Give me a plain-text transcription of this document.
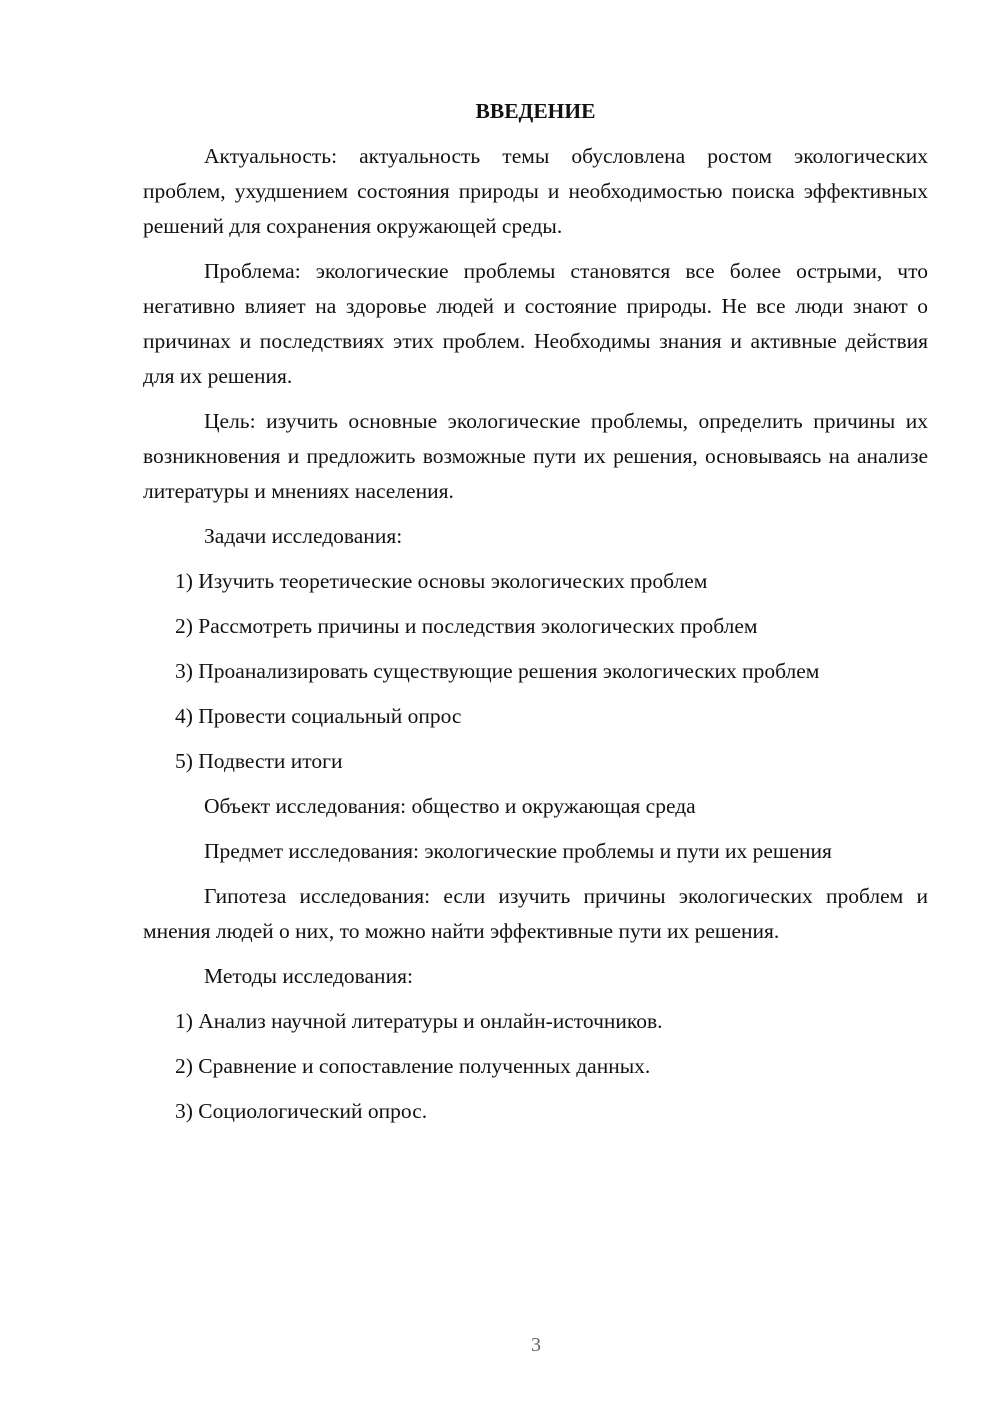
ВВЕДЕНИЕ

Актуальность: актуальность темы обусловлена ростом экологических проблем, ухудшением состояния природы и необходимостью поиска эффективных решений для сохранения окружающей среды.

Проблема: экологические проблемы становятся все более острыми, что негативно влияет на здоровье людей и состояние природы. Не все люди знают о причинах и последствиях этих проблем. Необходимы знания и активные действия для их решения.

Цель: изучить основные экологические проблемы, определить причины их возникновения и предложить возможные пути их решения, основываясь на анализе литературы и мнениях населения.

Задачи исследования:

1) Изучить теоретические основы экологических проблем
2) Рассмотреть причины и последствия экологических проблем
3) Проанализировать существующие решения экологических проблем
4) Провести социальный опрос
5) Подвести итоги

Объект исследования: общество и окружающая среда

Предмет исследования: экологические проблемы и пути их решения

Гипотеза исследования: если изучить причины экологических проблем и мнения людей о них, то можно найти эффективные пути их решения.

Методы исследования:

1) Анализ научной литературы и онлайн-источников.
2) Сравнение и сопоставление полученных данных.
3) Социологический опрос.
3
